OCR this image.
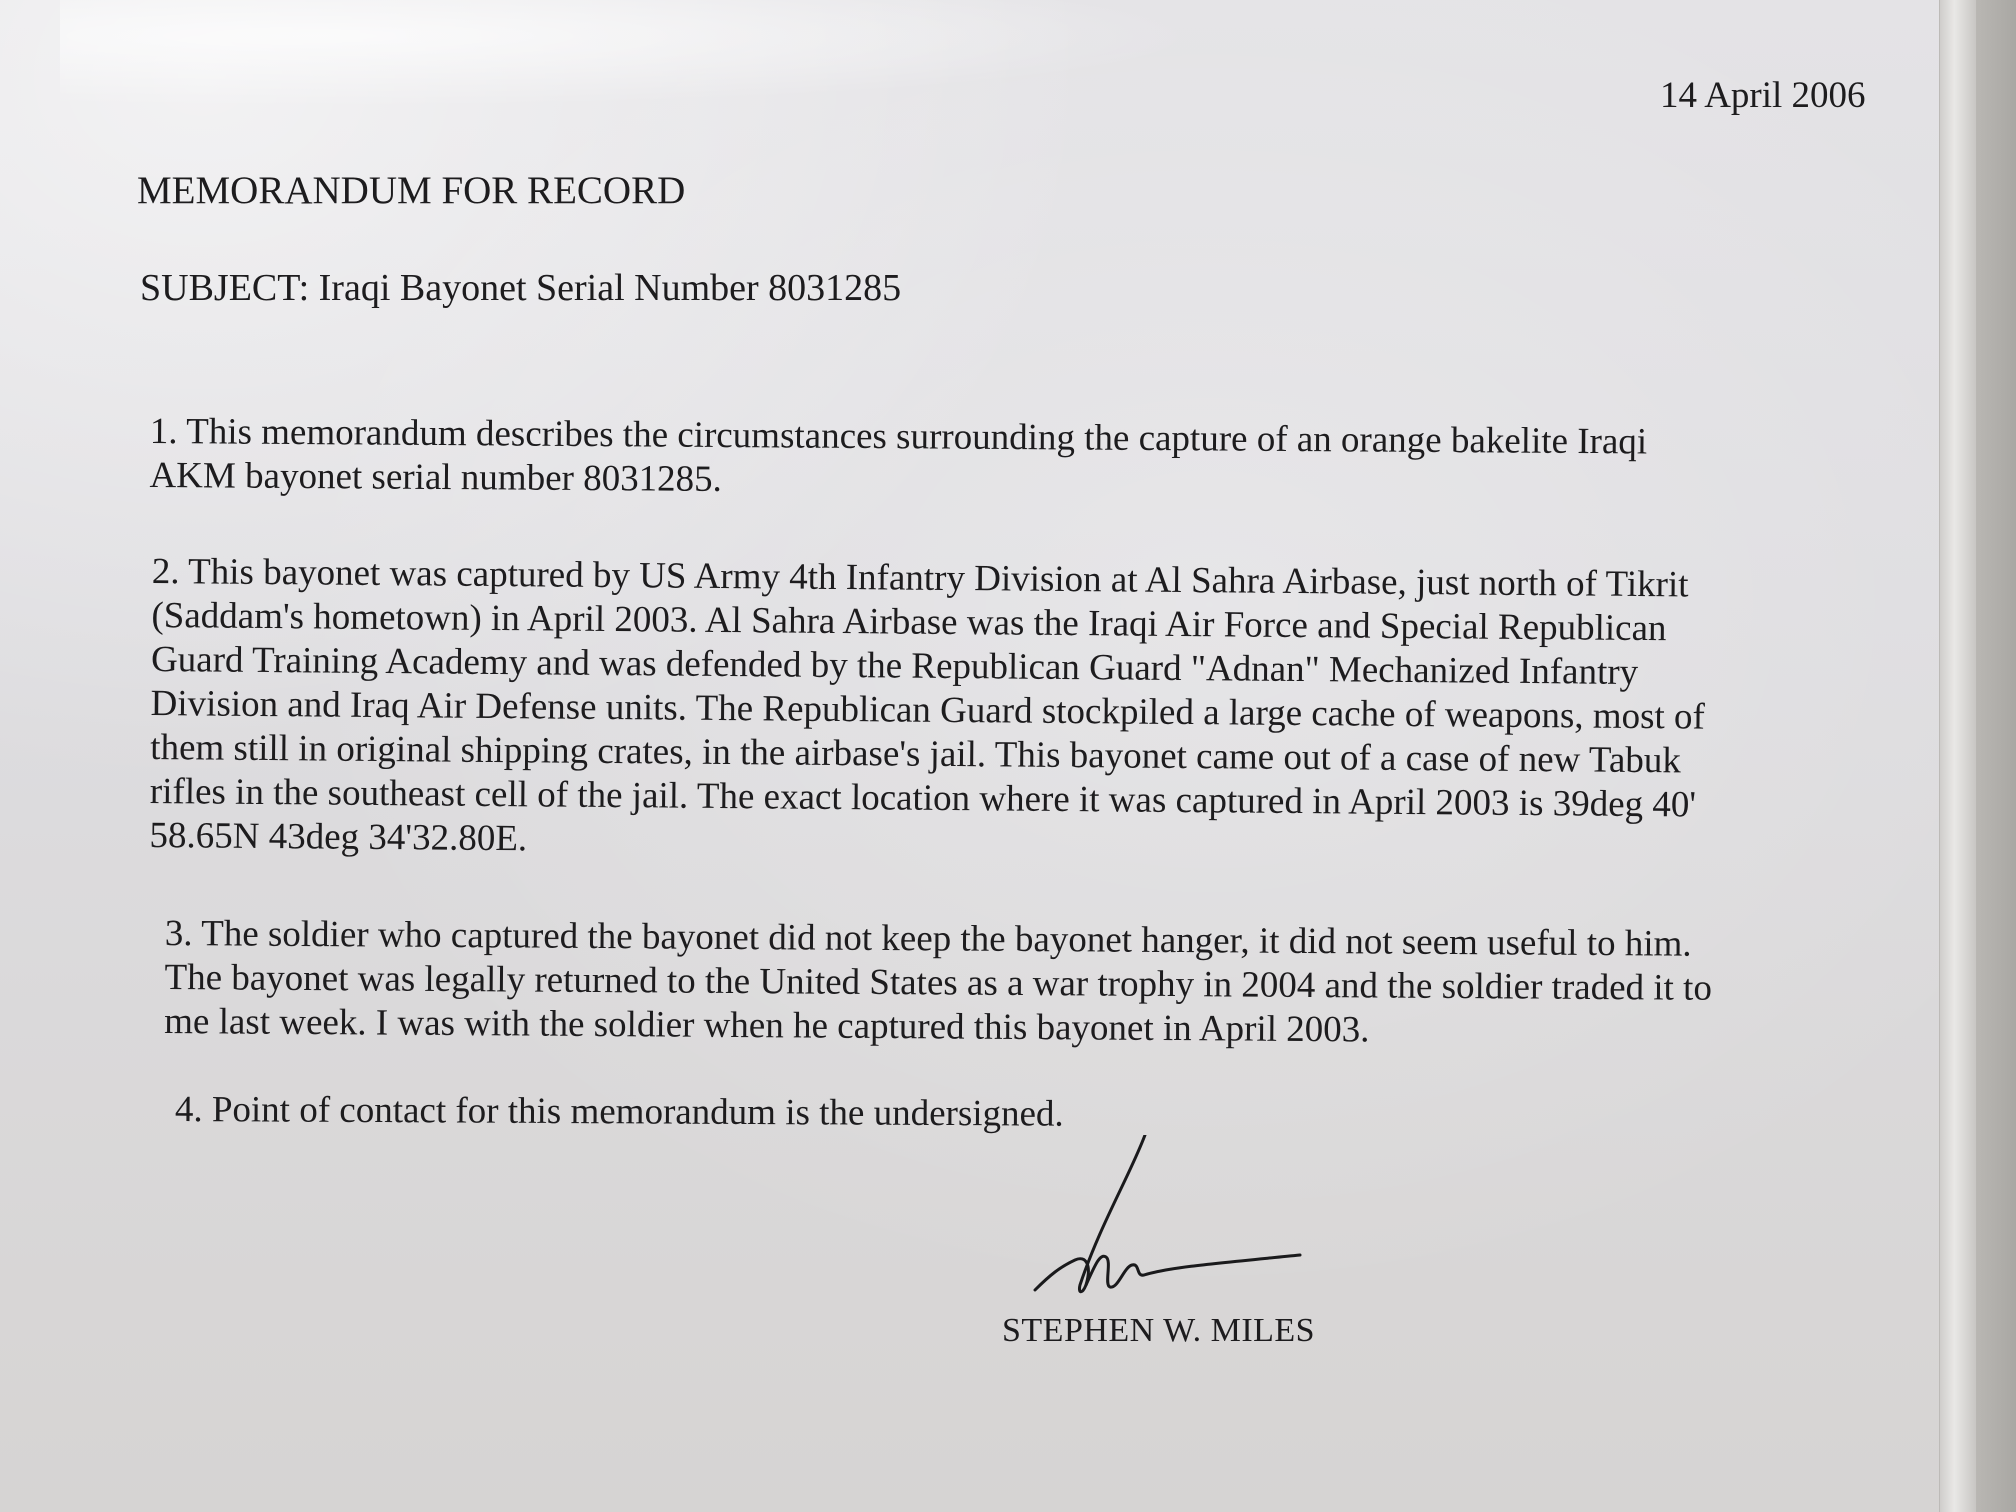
14 April 2006
MEMORANDUM FOR RECORD
SUBJECT: Iraqi Bayonet Serial Number 8031285
1. This memorandum describes the circumstances surrounding the capture of an orange bakelite Iraqi
AKM bayonet serial number 8031285.
2. This bayonet was captured by US Army 4th Infantry Division at Al Sahra Airbase, just north of Tikrit
(Saddam's hometown) in April 2003. Al Sahra Airbase was the Iraqi Air Force and Special Republican
Guard Training Academy and was defended by the Republican Guard "Adnan" Mechanized Infantry
Division and Iraq Air Defense units. The Republican Guard stockpiled a large cache of weapons, most of
them still in original shipping crates, in the airbase's jail. This bayonet came out of a case of new Tabuk
rifles in the southeast cell of the jail. The exact location where it was captured in April 2003 is 39deg 40'
58.65N 43deg 34'32.80E.
3. The soldier who captured the bayonet did not keep the bayonet hanger, it did not seem useful to him.
The bayonet was legally returned to the United States as a war trophy in 2004 and the soldier traded it to
me last week. I was with the soldier when he captured this bayonet in April 2003.
4. Point of contact for this memorandum is the undersigned.
STEPHEN W. MILES
